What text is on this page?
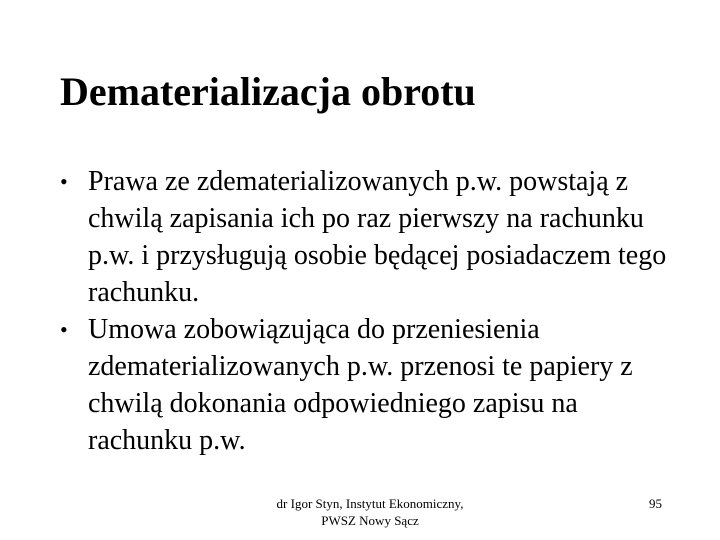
Dematerializacja obrotu
• Prawa ze zdematerializowanych p.w. powstają z chwilą zapisania ich po raz pierwszy na rachunku p.w. i przysługują osobie będącej posiadaczem tego rachunku.
• Umowa zobowiązująca do przeniesienia zdematerializowanych p.w. przenosi te papiery z chwilą dokonania odpowiedniego zapisu na rachunku p.w.
dr Igor Styn, Instytut Ekonomiczny,
PWSZ Nowy Sącz
95
